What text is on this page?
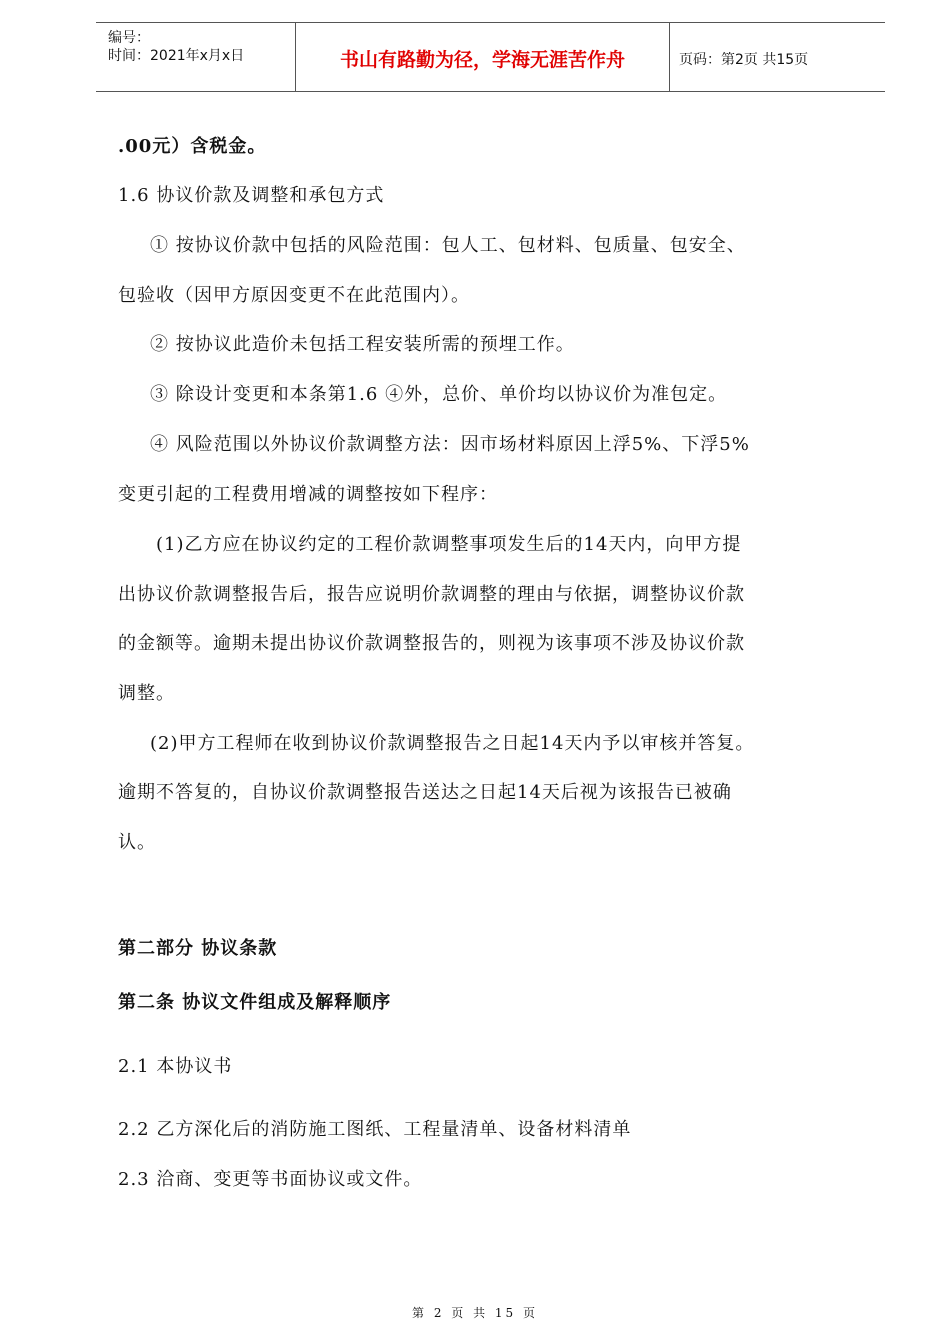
编号：
时间：2021年x月x日	书山有路勤为径，学海无涯苦作舟	页码：第2页 共15页
.00元）含税金。
1.6 协议价款及调整和承包方式
① 按协议价款中包括的风险范围：包人工、包材料、包质量、包安全、
包验收（因甲方原因变更不在此范围内）。
② 按协议此造价未包括工程安装所需的预埋工作。
③ 除设计变更和本条第1.6 ④外，总价、单价均以协议价为准包定。
④ 风险范围以外协议价款调整方法：因市场材料原因上浮5%、下浮5%
变更引起的工程费用增减的调整按如下程序：
(1)乙方应在协议约定的工程价款调整事项发生后的14天内，向甲方提
出协议价款调整报告后，报告应说明价款调整的理由与依据，调整协议价款
的金额等。逾期未提出协议价款调整报告的，则视为该事项不涉及协议价款
调整。
(2)甲方工程师在收到协议价款调整报告之日起14天内予以审核并答复。
逾期不答复的，自协议价款调整报告送达之日起14天后视为该报告已被确
认。
第二部分 协议条款
第二条 协议文件组成及解释顺序
2.1 本协议书
2.2 乙方深化后的消防施工图纸、工程量清单、设备材料清单
2.3 洽商、变更等书面协议或文件。
第 2 页 共 15 页
